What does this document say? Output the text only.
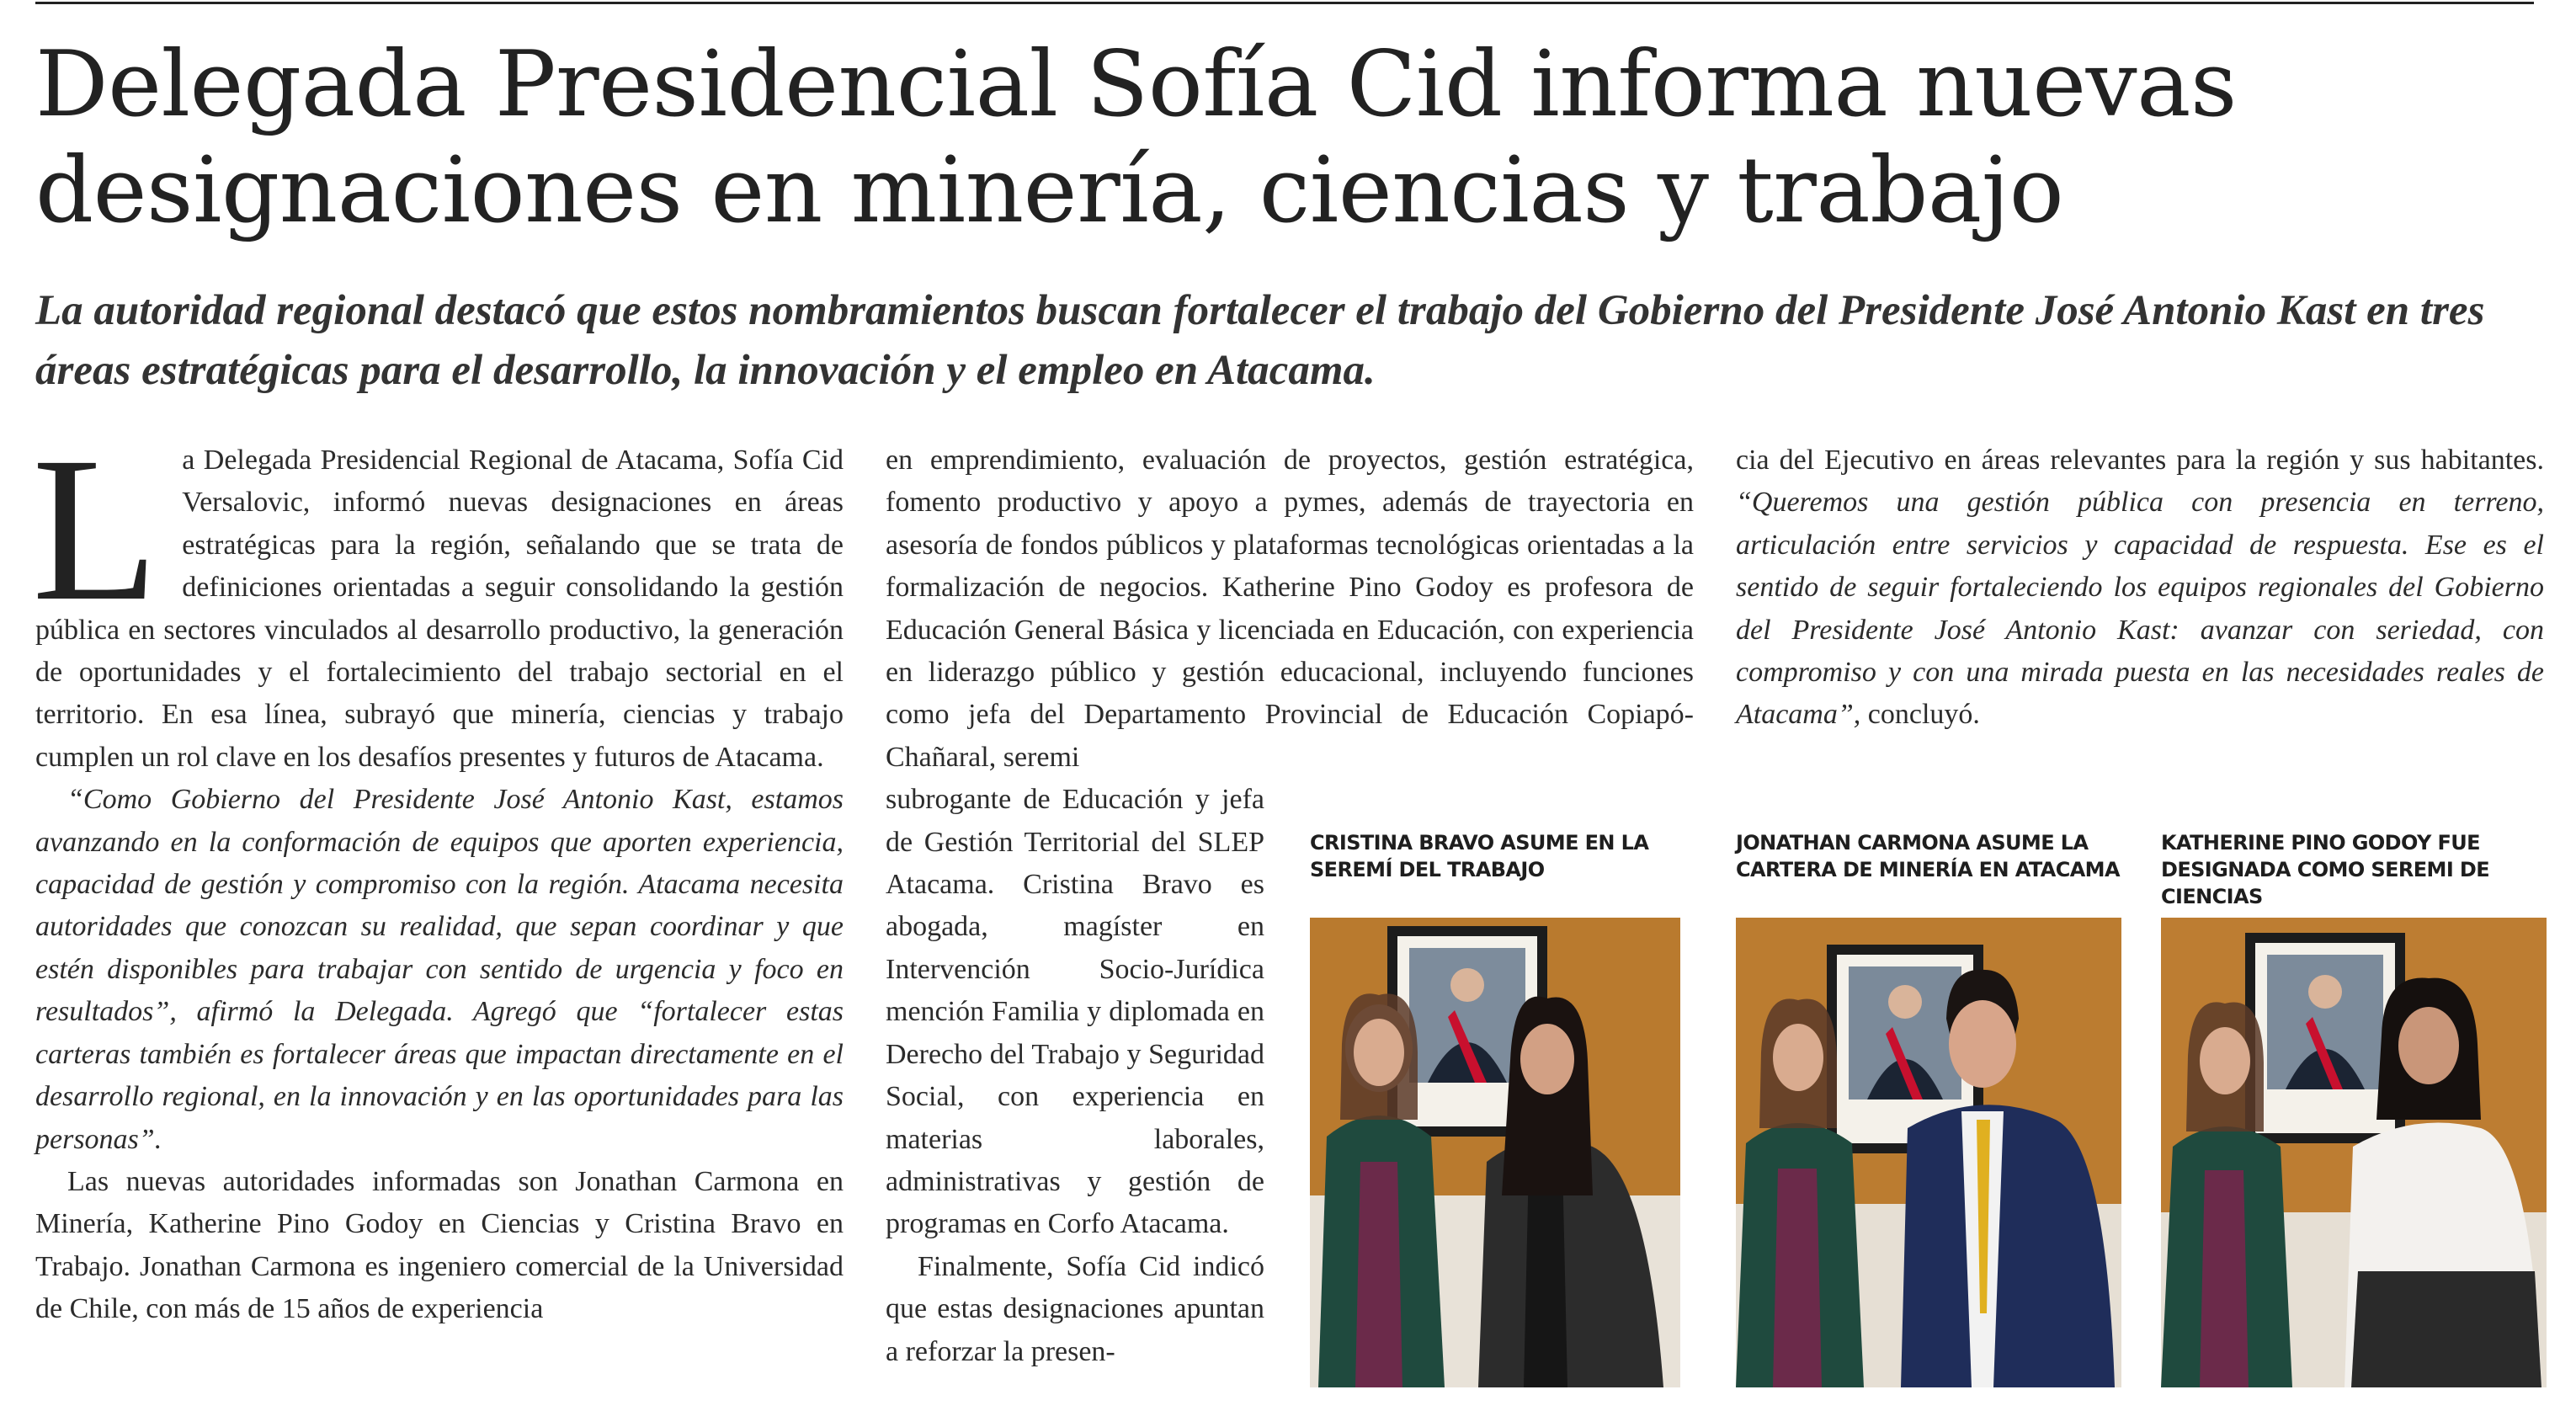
Delegada Presidencial Sofía Cid informa nuevas designaciones en minería, ciencias y trabajo

La autoridad regional destacó que estos nombramientos buscan fortalecer el trabajo del Gobierno del Presidente José Antonio Kast en tres áreas estratégicas para el desarrollo, la innovación y el empleo en Atacama.

La Delegada Presidencial Regional de Atacama, Sofía Cid Versalovic, informó nuevas designaciones en áreas estratégicas para la región, señalando que se trata de definiciones orientadas a seguir consolidando la gestión pública en sectores vinculados al desarrollo productivo, la generación de oportunidades y el fortalecimiento del trabajo sectorial en el territorio. En esa línea, subrayó que minería, ciencias y trabajo cumplen un rol clave en los desafíos presentes y futuros de Atacama.

“Como Gobierno del Presidente José Antonio Kast, estamos avanzando en la conformación de equipos que aporten experiencia, capacidad de gestión y compromiso con la región. Atacama necesita autoridades que conozcan su realidad, que sepan coordinar y que estén disponibles para trabajar con sentido de urgencia y foco en resultados”, afirmó la Delegada. Agregó que “fortalecer estas carteras también es fortalecer áreas que impactan directamente en el desarrollo regional, en la innovación y en las oportunidades para las personas”.

Las nuevas autoridades informadas son Jonathan Carmona en Minería, Katherine Pino Godoy en Ciencias y Cristina Bravo en Trabajo. Jonathan Carmona es ingeniero comercial de la Universidad de Chile, con más de 15 años de experiencia

en emprendimiento, evaluación de proyectos, gestión estratégica, fomento productivo y apoyo a pymes, además de trayectoria en asesoría de fondos públicos y plataformas tecnológicas orientadas a la formalización de negocios. Katherine Pino Godoy es profesora de Educación General Básica y licenciada en Educación, con experiencia en liderazgo público y gestión educacional, incluyendo funciones como jefa del Departamento Provincial de Educación Copiapó-Chañaral, seremi

subrogante de Educación y jefa de Gestión Territorial del SLEP Atacama. Cristina Bravo es abogada, magíster en Intervención Socio-Jurídica mención Familia y diplomada en Derecho del Trabajo y Seguridad Social, con experiencia en materias laborales, administrativas y gestión de programas en Corfo Atacama.

Finalmente, Sofía Cid indicó que estas designaciones apuntan a reforzar la presen-

cia del Ejecutivo en áreas relevantes para la región y sus habitantes. “Queremos una gestión pública con presencia en terreno, articulación entre servicios y capacidad de respuesta. Ese es el sentido de seguir fortaleciendo los equipos regionales del Gobierno del Presidente José Antonio Kast: avanzar con seriedad, con compromiso y con una mirada puesta en las necesidades reales de Atacama”, concluyó.

CRISTINA BRAVO ASUME EN LA SEREMÍ DEL TRABAJO

JONATHAN CARMONA ASUME LA CARTERA DE MINERÍA EN ATACAMA

KATHERINE PINO GODOY FUE DESIGNADA COMO SEREMI DE CIENCIAS
